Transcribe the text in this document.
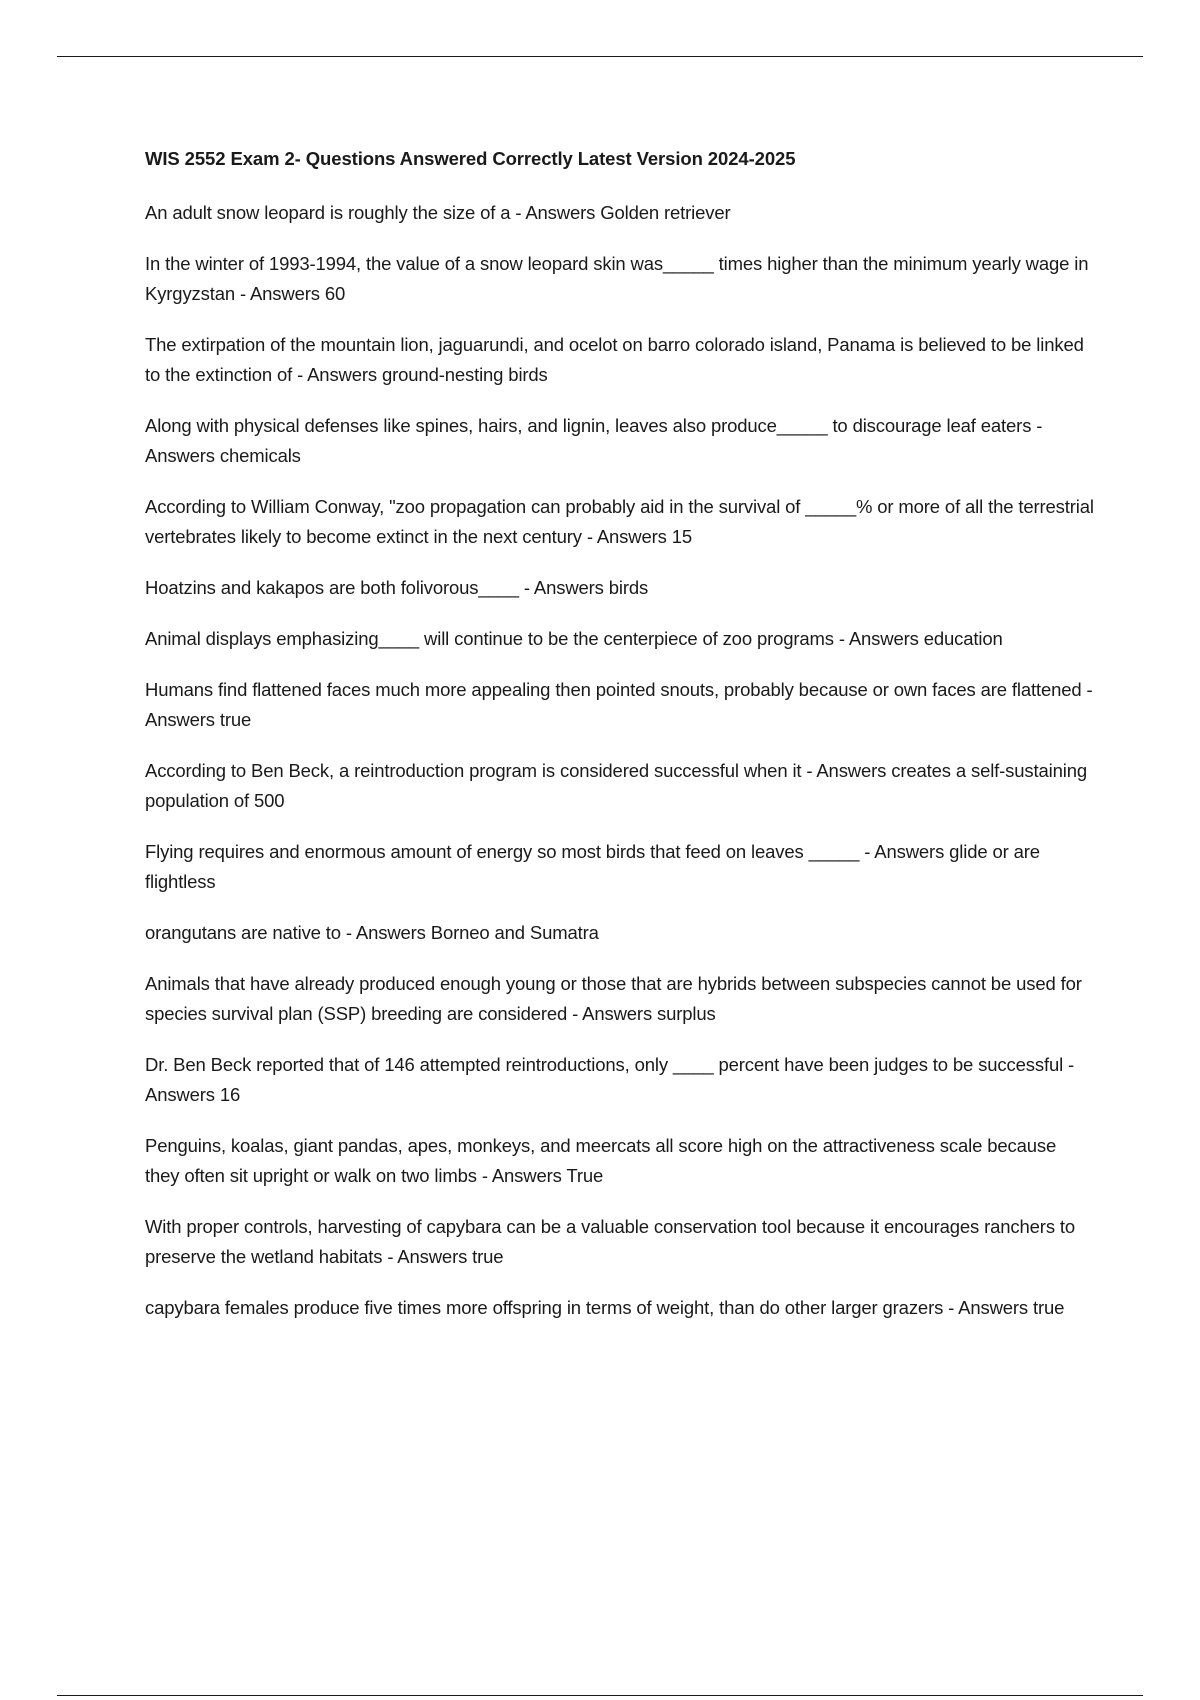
WIS 2552 Exam 2- Questions Answered Correctly Latest Version 2024-2025

An adult snow leopard is roughly the size of a - Answers Golden retriever

In the winter of 1993-1994, the value of a snow leopard skin was_____ times higher than the minimum yearly wage in Kyrgyzstan - Answers 60

The extirpation of the mountain lion, jaguarundi, and ocelot on barro colorado island, Panama is believed to be linked to the extinction of - Answers ground-nesting birds

Along with physical defenses like spines, hairs, and lignin, leaves also produce_____ to discourage leaf eaters - Answers chemicals

According to William Conway, "zoo propagation can probably aid in the survival of _____% or more of all the terrestrial vertebrates likely to become extinct in the next century - Answers 15

Hoatzins and kakapos are both folivorous____ - Answers birds

Animal displays emphasizing____ will continue to be the centerpiece of zoo programs - Answers education

Humans find flattened faces much more appealing then pointed snouts, probably because or own faces are flattened - Answers true

According to Ben Beck, a reintroduction program is considered successful when it - Answers creates a self-sustaining population of 500

Flying requires and enormous amount of energy so most birds that feed on leaves _____ - Answers glide or are flightless

orangutans are native to - Answers Borneo and Sumatra

Animals that have already produced enough young or those that are hybrids between subspecies cannot be used for species survival plan (SSP) breeding are considered - Answers surplus

Dr. Ben Beck reported that of 146 attempted reintroductions, only ____ percent have been judges to be successful - Answers 16

Penguins, koalas, giant pandas, apes, monkeys, and meercats all score high on the attractiveness scale because they often sit upright or walk on two limbs - Answers True

With proper controls, harvesting of capybara can be a valuable conservation tool because it encourages ranchers to preserve the wetland habitats - Answers true

capybara females produce five times more offspring in terms of weight, than do other larger grazers - Answers true
